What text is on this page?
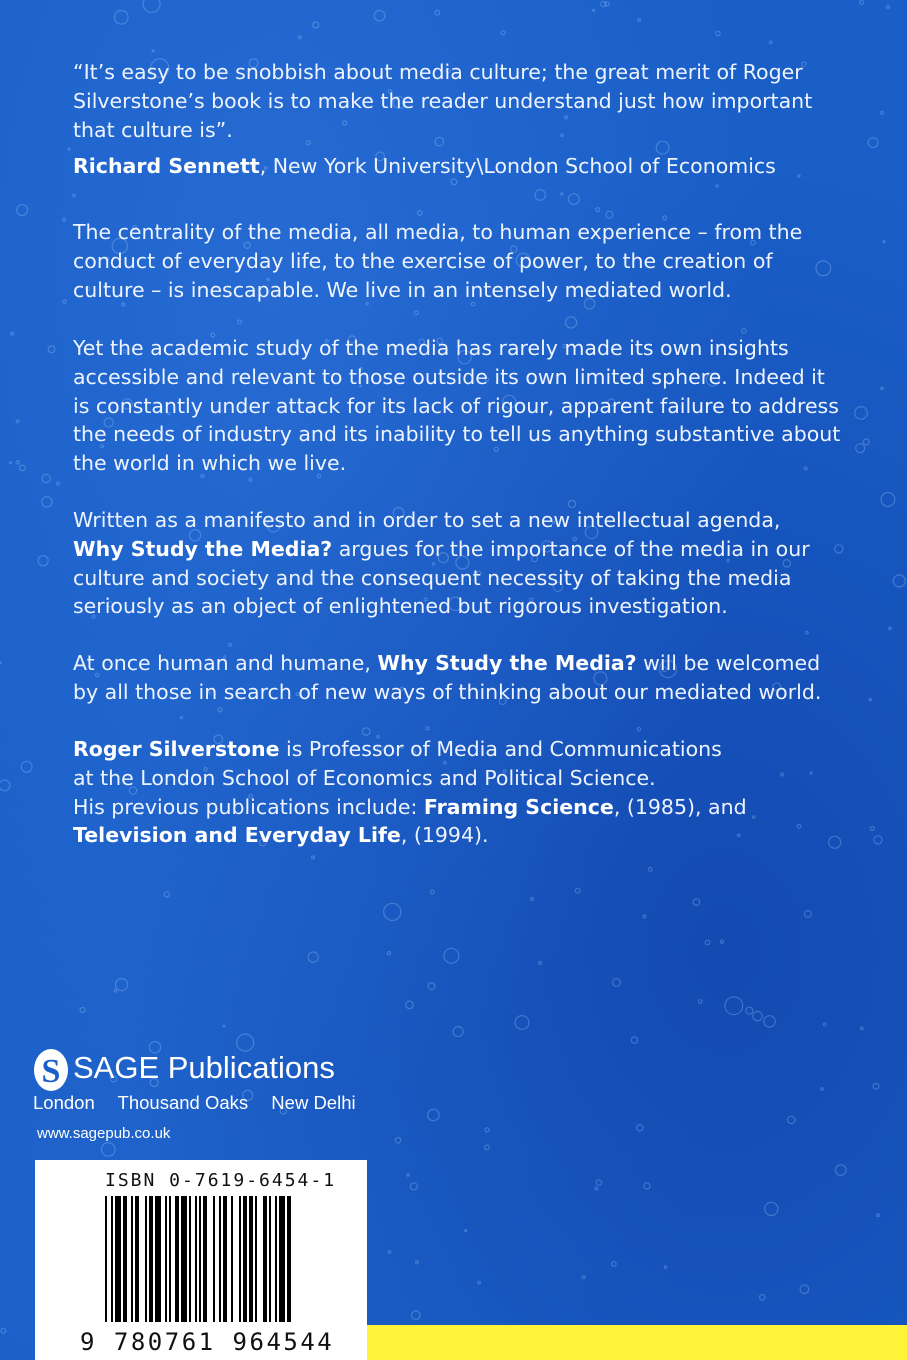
“It’s easy to be snobbish about media culture; the great merit of Roger Silverstone’s book is to make the reader understand just how important that culture is”.

Richard Sennett, New York University\London School of Economics

The centrality of the media, all media, to human experience – from the conduct of everyday life, to the exercise of power, to the creation of culture – is inescapable. We live in an intensely mediated world.

Yet the academic study of the media has rarely made its own insights accessible and relevant to those outside its own limited sphere. Indeed it is constantly under attack for its lack of rigour, apparent failure to address the needs of industry and its inability to tell us anything substantive about the world in which we live.

Written as a manifesto and in order to set a new intellectual agenda,
Why Study the Media? argues for the importance of the media in our culture and society and the consequent necessity of taking the media seriously as an object of enlightened but rigorous investigation.

At once human and humane, Why Study the Media? will be welcomed by all those in search of new ways of thinking about our mediated world.

Roger Silverstone is Professor of Media and Communications
at the London School of Economics and Political Science.
His previous publications include: Framing Science, (1985), and
Television and Everyday Life, (1994).

S SAGE Publications
London Thousand Oaks New Delhi
www.sagepub.co.uk
ISBN 0-7619-6454-1
9 780761 964544
